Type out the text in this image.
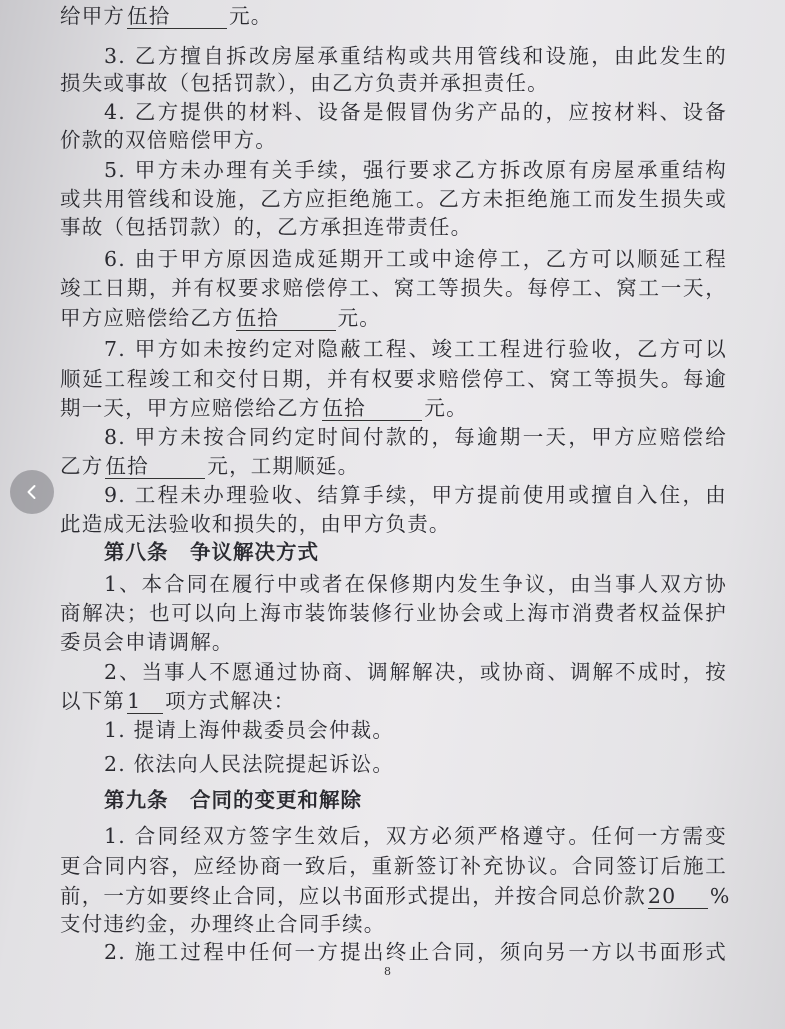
给甲方伍拾	元。
3. 乙方擅自拆改房屋承重结构或共用管线和设施，由此发生的
损失或事故（包括罚款），由乙方负责并承担责任。
4. 乙方提供的材料、设备是假冒伪劣产品的，应按材料、设备
价款的双倍赔偿甲方。
5. 甲方未办理有关手续，强行要求乙方拆改原有房屋承重结构
或共用管线和设施，乙方应拒绝施工。乙方未拒绝施工而发生损失或
事故（包括罚款）的，乙方承担连带责任。
6. 由于甲方原因造成延期开工或中途停工，乙方可以顺延工程
竣工日期，并有权要求赔偿停工、窝工等损失。每停工、窝工一天，
甲方应赔偿给乙方伍拾	元。
7. 甲方如未按约定对隐蔽工程、竣工工程进行验收，乙方可以
顺延工程竣工和交付日期，并有权要求赔偿停工、窝工等损失。每逾
期一天，甲方应赔偿给乙方伍拾	元。
8. 甲方未按合同约定时间付款的，每逾期一天，甲方应赔偿给
乙方伍拾	元，工期顺延。
9. 工程未办理验收、结算手续，甲方提前使用或擅自入住，由
此造成无法验收和损失的，由甲方负责。
第八条　争议解决方式
1、本合同在履行中或者在保修期内发生争议，由当事人双方协
商解决；也可以向上海市装饰装修行业协会或上海市消费者权益保护
委员会申请调解。
2、当事人不愿通过协商、调解解决，或协商、调解不成时，按
以下第1 项方式解决：
1. 提请上海仲裁委员会仲裁。
2. 依法向人民法院提起诉讼。
第九条　合同的变更和解除
1. 合同经双方签字生效后，双方必须严格遵守。任何一方需变
更合同内容，应经协商一致后，重新签订补充协议。合同签订后施工
前，一方如要终止合同，应以书面形式提出，并按合同总价款20 %
支付违约金，办理终止合同手续。
2. 施工过程中任何一方提出终止合同，须向另一方以书面形式
8
